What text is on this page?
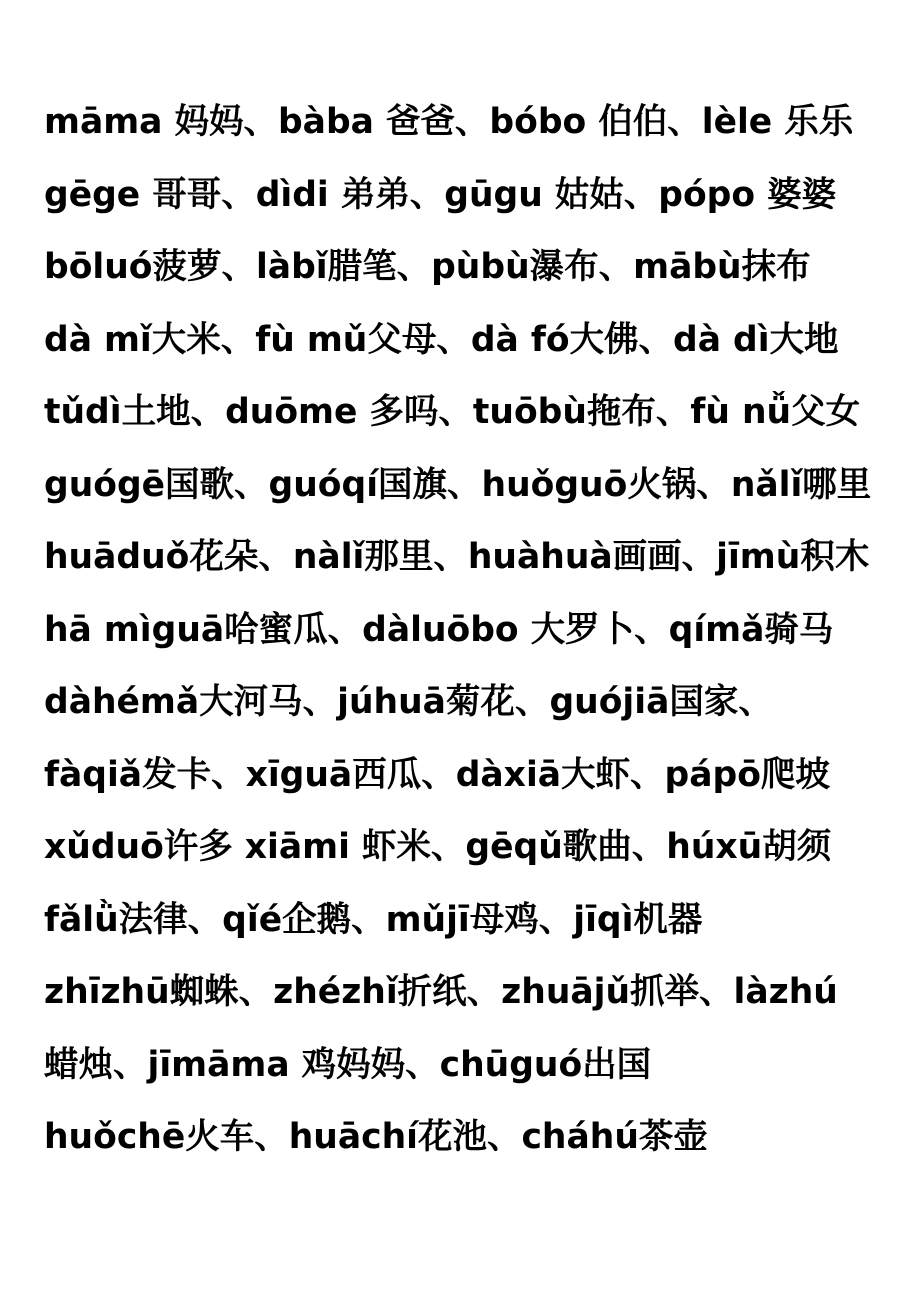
māma 妈妈、bàba 爸爸、bóbo 伯伯、lèle 乐乐
gēge 哥哥、dìdi 弟弟、gūgu 姑姑、pópo 婆婆
bōluó菠萝、làbǐ腊笔、pùbù瀑布、mābù抹布
dà mǐ大米、fù mǔ父母、dà fó大佛、dà dì大地
tǔdì土地、duōme 多吗、tuōbù拖布、fù nǚ父女
guógē国歌、guóqí国旗、huǒguō火锅、nǎlǐ哪里
huāduǒ花朵、nàlǐ那里、huàhuà画画、jīmù积木
hā mìguā哈蜜瓜、dàluōbo 大罗卜、qímǎ骑马
dàhémǎ大河马、júhuā菊花、guójiā国家、
fàqiǎ发卡、xīguā西瓜、dàxiā大虾、pápō爬坡
xǔduō许多 xiāmi 虾米、gēqǔ歌曲、húxū胡须
fǎlǜ法律、qǐé企鹅、mǔjī母鸡、jīqì机器
zhīzhū蜘蛛、zhézhǐ折纸、zhuājǔ抓举、làzhú
蜡烛、jīmāma 鸡妈妈、chūguó出国
huǒchē火车、huāchí花池、cháhú茶壶
